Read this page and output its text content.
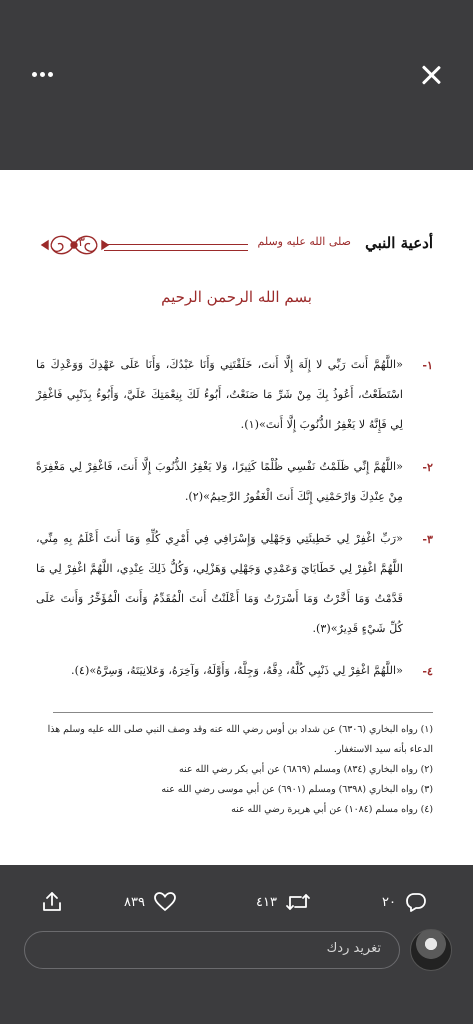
أدعية النبي
صلى الله عليه وسلم
٣
بسم الله الرحمن الرحيم
١-
«اللَّهُمَّ أَنتَ رَبِّي لا إِلَهَ إِلَّا أَنتَ، خَلَقْتَنِي وَأَنَا عَبْدُكَ، وَأَنَا عَلَى عَهْدِكَ وَوَعْدِكَ مَا اسْتَطَعْتُ، أَعُوذُ بِكَ مِنْ شَرِّ مَا صَنَعْتُ، أَبُوءُ لَكَ بِنِعْمَتِكَ عَلَيَّ، وَأَبُوءُ بِذَنْبِي فَاغْفِرْ لِي فَإِنَّهُ لا يَغْفِرُ الذُّنُوبَ إِلَّا أَنتَ»(١).
٢-
«اللَّهُمَّ إِنِّي ظَلَمْتُ نَفْسِي ظُلْمًا كَثِيرًا، وَلا يَغْفِرُ الذُّنُوبَ إِلَّا أَنتَ، فَاغْفِرْ لِي مَغْفِرَةً مِنْ عِنْدِكَ وَارْحَمْنِي إِنَّكَ أَنتَ الْغَفُورُ الرَّحِيمُ»(٢).
٣-
«رَبِّ اغْفِرْ لِي خَطِيئَتِي وَجَهْلِي وَإِسْرَافِي فِي أَمْرِي كُلِّهِ وَمَا أَنتَ أَعْلَمُ بِهِ مِنِّي، اللَّهُمَّ اغْفِرْ لِي خَطَايَايَ وَعَمْدِي وَجَهْلِي وَهَزْلِي، وَكُلُّ ذَلِكَ عِنْدِي، اللَّهُمَّ اغْفِرْ لِي مَا قَدَّمْتُ وَمَا أَخَّرْتُ وَمَا أَسْرَرْتُ وَمَا أَعْلَنْتُ أَنتَ الْمُقَدِّمُ وَأَنتَ الْمُؤَخِّرُ وَأَنتَ عَلَى كُلِّ شَيْءٍ قَدِيرٌ»(٣).
٤-
«اللَّهُمَّ اغْفِرْ لِي ذَنْبِي كُلَّهُ، دِقَّهُ، وَجِلَّهُ، وَأَوَّلَهُ، وَآخِرَهُ، وَعَلانِيَتَهُ، وَسِرَّهُ»(٤).
(١) رواه البخاري (٦٣٠٦) عن شداد بن أوس رضي الله عنه وقد وصف النبي صلى الله عليه وسلم هذا الدعاء بأنه سيد الاستغفار.
(٢) رواه البخاري (٨٣٤) ومسلم (٦٨٦٩) عن أبي بكر رضي الله عنه
(٣) رواه البخاري (٦٣٩٨) ومسلم (٦٩٠١) عن أبي موسى رضي الله عنه
(٤) رواه مسلم (١٠٨٤) عن أبي هريرة رضي الله عنه
٨٣٩	٤١٣	٢٠
تغريد ردك
